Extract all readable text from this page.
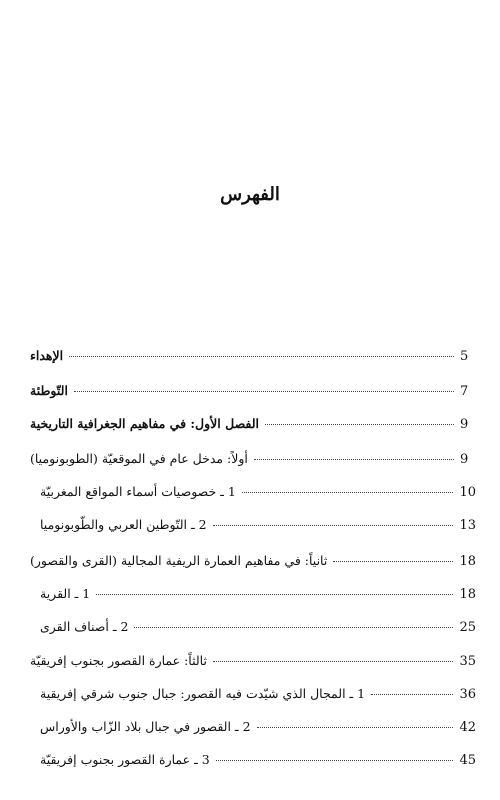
الفهرس
الإهداء	5
التّوطئة	7
الفصل الأول: في مفاهيم الجغرافية التاريخية	9
أولاً: مدخل عام في الموقعيّة (الطوبونوميا)	9
1 ـ خصوصيات أسماء المواقع المغربيّة	10
2 ـ التّوطين العربي والطّوبونوميا	13
ثانياً: في مفاهيم العمارة الريفية المجالية (القرى والقصور)	18
1 ـ القرية	18
2 ـ أصناف القرى	25
ثالثاً: عمارة القصور بجنوب إفريقيّة	35
1 ـ المجال الذي شيّدت فيه القصور: جبال جنوب شرقي إفريقية	36
2 ـ القصور في جبال بلاد الزّاب والأوراس	42
3 ـ عمارة القصور بجنوب إفريقيّة	45
